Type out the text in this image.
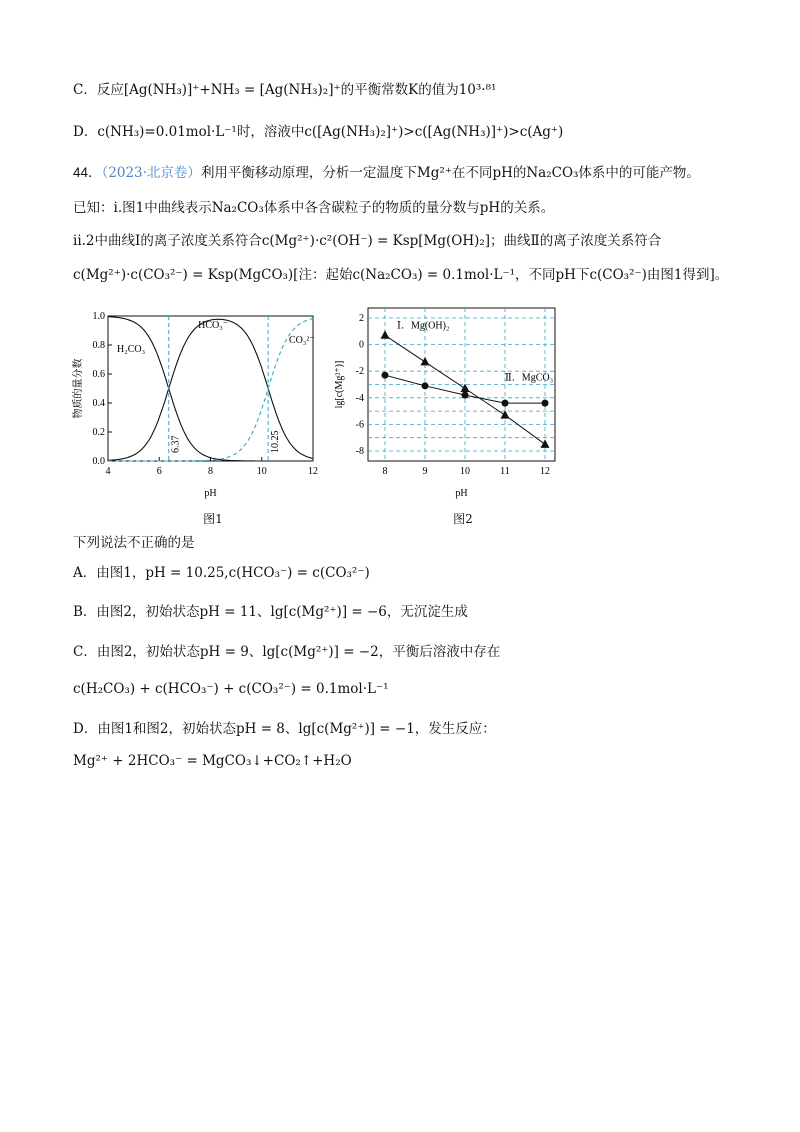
C．反应[Ag(NH₃)]⁺+NH₃ = [Ag(NH₃)₂]⁺的平衡常数K的值为10³·⁸¹
D．c(NH₃)=0.01mol·L⁻¹时，溶液中c([Ag(NH₃)₂]⁺)>c([Ag(NH₃)]⁺)>c(Ag⁺)
44．（2023·北京卷）利用平衡移动原理，分析一定温度下Mg²⁺在不同pH的Na₂CO₃体系中的可能产物。
已知：i.图1中曲线表示Na₂CO₃体系中各含碳粒子的物质的量分数与pH的关系。
ii.2中曲线Ⅰ的离子浓度关系符合c(Mg²⁺)·c²(OH⁻) = Ksp[Mg(OH)₂]；曲线Ⅱ的离子浓度关系符合
c(Mg²⁺)·c(CO₃²⁻) = Ksp(MgCO₃)[注：起始c(Na₂CO₃) = 0.1mol·L⁻¹，不同pH下c(CO₃²⁻)由图1得到]。
4	6	8	10	12
0.0
0.2
0.4
0.6
0.8
1.0
6.37	10.25
H₂CO₃
HCO₃⁻
CO₃²⁻
pH
物质的量分数
图1
8	9	10	11	12
2
0
-2
-4
-6
-8
Ⅰ．Mg(OH)₂
Ⅱ．MgCO₃
pH
lg[c(Mg²⁺)]
图2
下列说法不正确的是
A．由图1，pH = 10.25,c(HCO₃⁻) = c(CO₃²⁻)
B．由图2，初始状态pH = 11、lg[c(Mg²⁺)] = −6，无沉淀生成
C．由图2，初始状态pH = 9、lg[c(Mg²⁺)] = −2，平衡后溶液中存在
c(H₂CO₃) + c(HCO₃⁻) + c(CO₃²⁻) = 0.1mol·L⁻¹
D．由图1和图2，初始状态pH = 8、lg[c(Mg²⁺)] = −1，发生反应：
Mg²⁺ + 2HCO₃⁻ = MgCO₃↓+CO₂↑+H₂O
